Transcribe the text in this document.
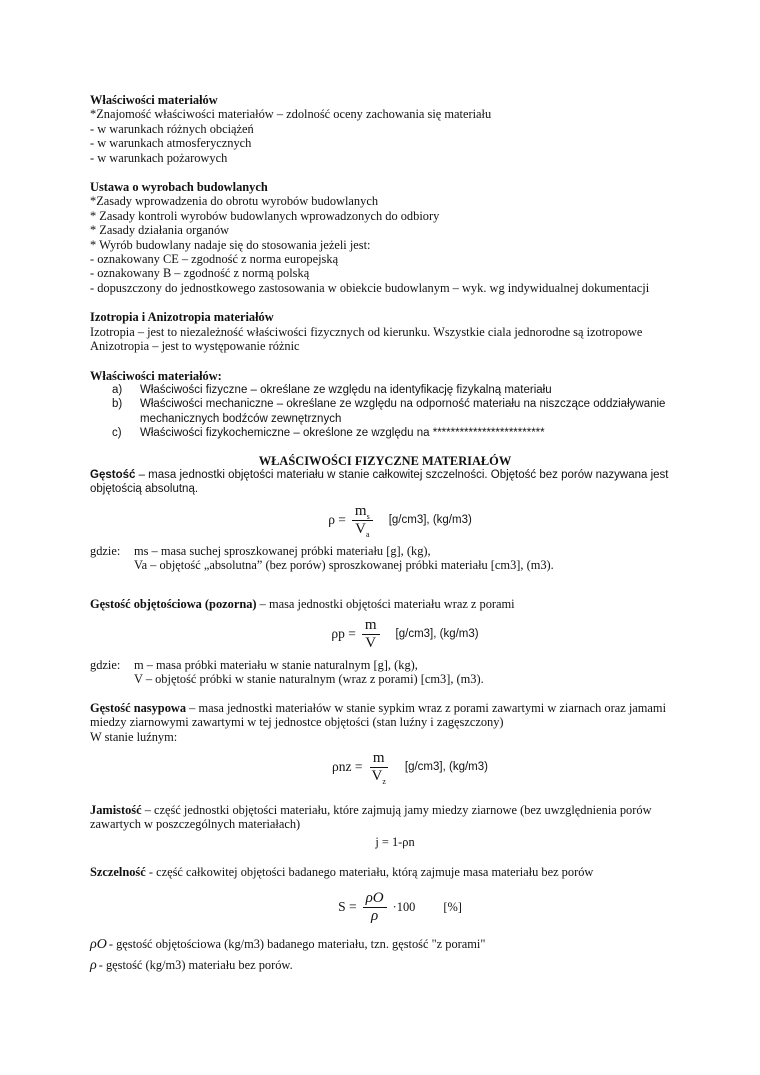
Właściwości materiałów
*Znajomość właściwości materiałów – zdolność oceny zachowania się materiału
- w warunkach różnych obciążeń
- w warunkach atmosferycznych
- w warunkach pożarowych
Ustawa o wyrobach budowlanych
*Zasady wprowadzenia do obrotu wyrobów budowlanych
* Zasady kontroli wyrobów budowlanych wprowadzonych do odbiory
* Zasady działania organów
* Wyrób budowlany nadaje się do stosowania jeżeli jest:
- oznakowany CE – zgodność z norma europejską
- oznakowany B – zgodność z normą polską
- dopuszczony do jednostkowego zastosowania w obiekcie budowlanym – wyk. wg indywidualnej dokumentacji
Izotropia i Anizotropia materiałów
Izotropia – jest to niezależność właściwości fizycznych od kierunku. Wszystkie ciala jednorodne są izotropowe
Anizotropia – jest to występowanie różnic
Właściwości materiałów:
a)	Właściwości fizyczne – określane ze względu na identyfikację fizykalną materiału
b)	Właściwości mechaniczne – określane ze względu na odporność materiału na niszczące oddziaływanie mechanicznych bodźców zewnętrznych
c)	Właściwości fizykochemiczne – określone ze względu na *************************
WŁAŚCIWOŚCI FIZYCZNE MATERIAŁÓW
Gęstość – masa jednostki objętości materiału w stanie całkowitej szczelności. Objętość bez porów nazywana jest objętością absolutną.
$\rho = \frac{m_s}{V_a} [g/cm3]$, (kg/m3)
gdzie:	ms – masa suchej sproszkowanej próbki materiału [g], (kg),
Va – objętość „absolutna” (bez porów) sproszkowanej próbki materiału [cm3], (m3).
Gęstość objętościowa (pozorna) – masa jednostki objętości materiału wraz z porami
$\rho p = \frac{m}{V} [g/cm3]$, (kg/m3)
gdzie:	m – masa próbki materiału w stanie naturalnym [g], (kg),
V – objętość próbki w stanie naturalnym (wraz z porami) [cm3], (m3).
Gęstość nasypowa – masa jednostki materiałów w stanie sypkim wraz z porami zawartymi w ziarnach oraz jamami miedzy ziarnowymi zawartymi w tej jednostce objętości (stan luźny i zagęszczony)
W stanie luźnym:
$\rho nz = \frac{m}{V_z} [g/cm3]$, (kg/m3)
Jamistość – część jednostki objętości materiału, które zajmują jamy miedzy ziarnowe (bez uwzględnienia porów zawartych w poszczególnych materiałach)
j = 1-ρn
Szczelność - część całkowitej objętości badanego materiału, którą zajmuje masa materiału bez porów
$S = \frac{\rho O}{\rho} \cdot 100$ [%]
ρO - gęstość objętościowa (kg/m3) badanego materiału, tzn. gęstość "z porami"
ρ - gęstość (kg/m3) materiału bez porów.
